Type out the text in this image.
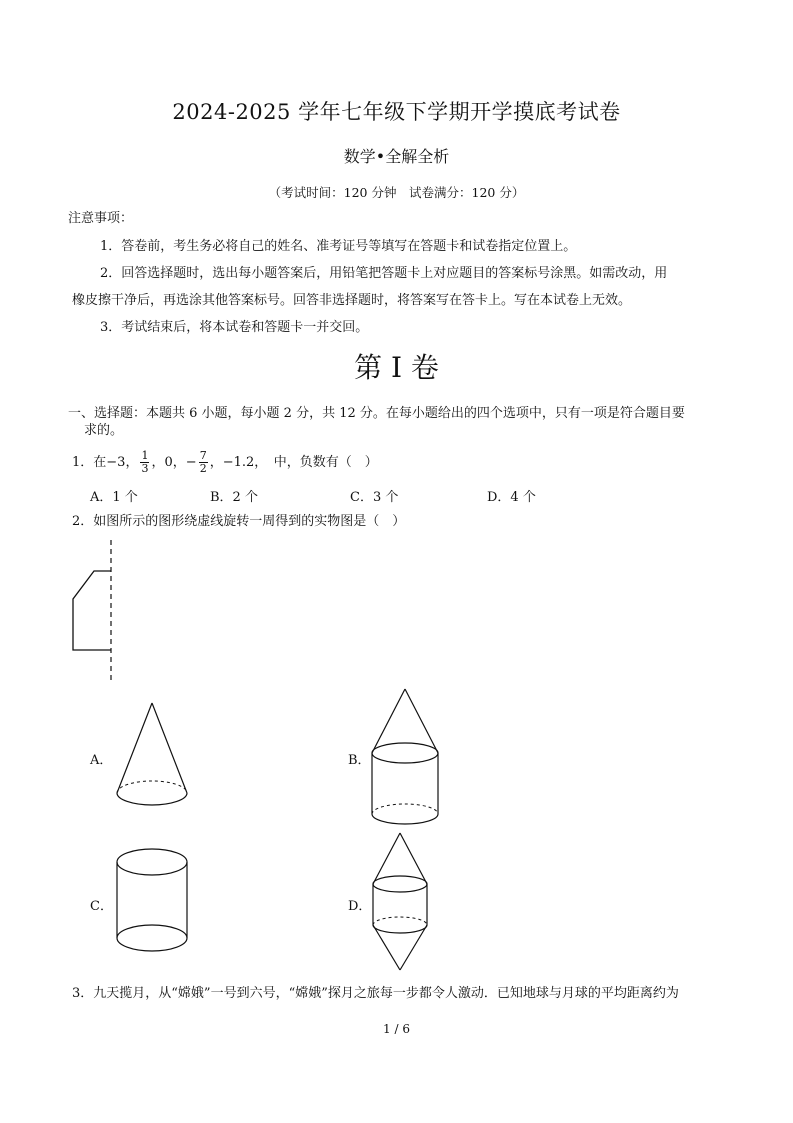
2024-2025 学年七年级下学期开学摸底考试卷
数学•全解全析
（考试时间：120 分钟　试卷满分：120 分）
注意事项：
1．答卷前，考生务必将自己的姓名、准考证号等填写在答题卡和试卷指定位置上。
2．回答选择题时，选出每小题答案后，用铅笔把答题卡上对应题目的答案标号涂黑。如需改动，用
橡皮擦干净后，再选涂其他答案标号。回答非选择题时，将答案写在答卡上。写在本试卷上无效。
3．考试结束后，将本试卷和答题卡一并交回。
第 I 卷
一、选择题：本题共 6 小题，每小题 2 分，共 12 分。在每小题给出的四个选项中，只有一项是符合题目要
求的。
1．在−3， $\frac{1}{3}$ ，0，− $\frac{7}{2}$ ，−1.2，　中，负数有（　）
A．1 个	B．2 个	C．3 个	D．4 个
2．如图所示的图形绕虚线旋转一周得到的实物图是（　）
A．	B．
C．	D．
3．九天揽月，从“嫦娥”一号到六号，“嫦娥”探月之旅每一步都令人激动．已知地球与月球的平均距离约为
1 / 6
